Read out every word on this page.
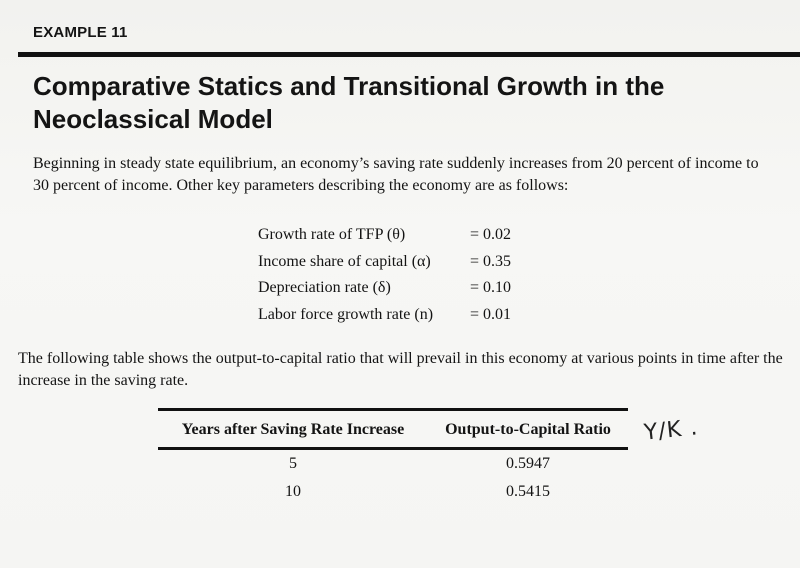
EXAMPLE 11
Comparative Statics and Transitional Growth in the Neoclassical Model

Beginning in steady state equilibrium, an economy’s saving rate suddenly increases from 20 percent of income to 30 percent of income. Other key parameters describing the economy are as follows:

Growth rate of TFP (θ)	= 0.02
Income share of capital (α)	= 0.35
Depreciation rate (δ)	= 0.10
Labor force growth rate (n)	= 0.01

The following table shows the output-to-capital ratio that will prevail in this economy at various points in time after the increase in the saving rate.

Years after Saving Rate Increase	Output-to-Capital Ratio
5	0.5947
10	0.5415
Y/K .
